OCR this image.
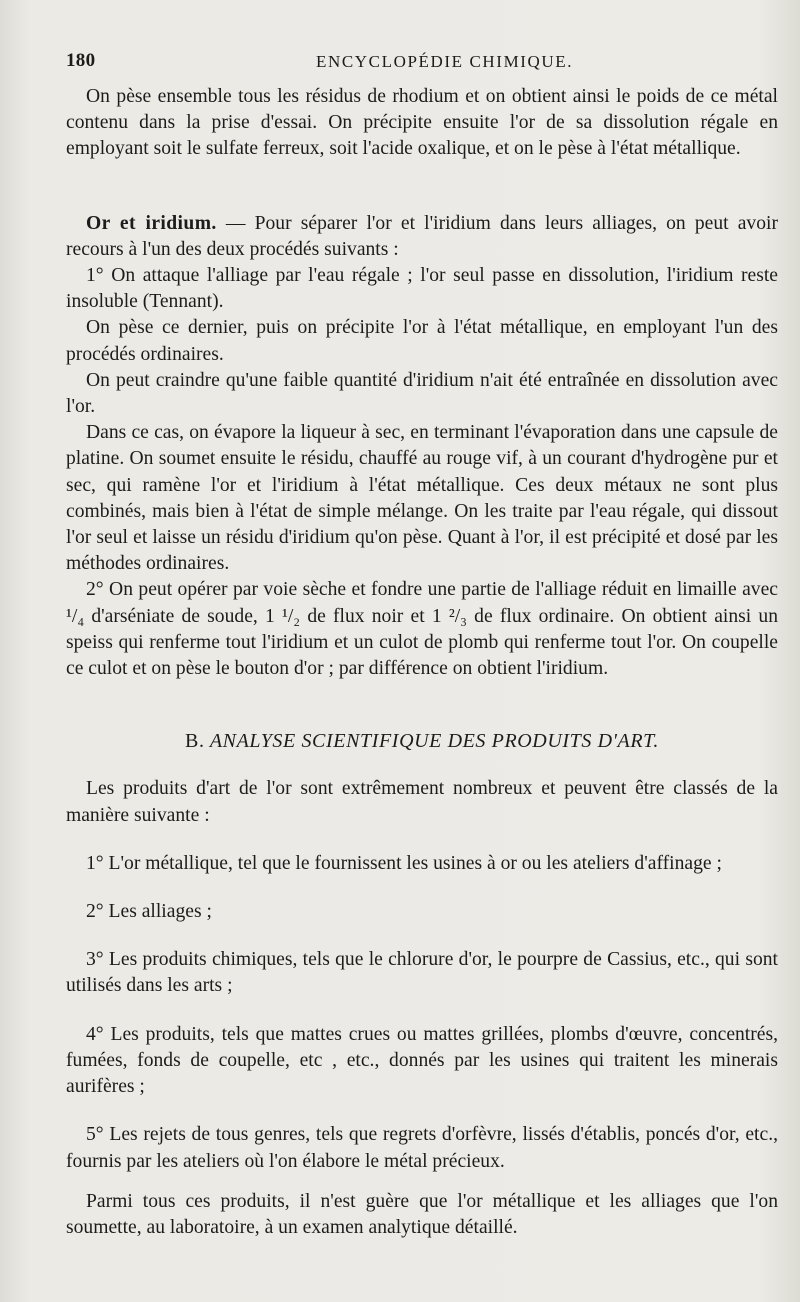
180	ENCYCLOPÉDIE CHIMIQUE.

On pèse ensemble tous les résidus de rhodium et on obtient ainsi le poids de ce métal contenu dans la prise d'essai. On précipite ensuite l'or de sa dissolution régale en employant soit le sulfate ferreux, soit l'acide oxalique, et on le pèse à l'état métallique.

Or et iridium. — Pour séparer l'or et l'iridium dans leurs alliages, on peut avoir recours à l'un des deux procédés suivants :

1° On attaque l'alliage par l'eau régale ; l'or seul passe en dissolution, l'iridium reste insoluble (Tennant).

On pèse ce dernier, puis on précipite l'or à l'état métallique, en employant l'un des procédés ordinaires.

On peut craindre qu'une faible quantité d'iridium n'ait été entraînée en dissolution avec l'or.

Dans ce cas, on évapore la liqueur à sec, en terminant l'évaporation dans une capsule de platine. On soumet ensuite le résidu, chauffé au rouge vif, à un courant d'hydrogène pur et sec, qui ramène l'or et l'iridium à l'état métallique. Ces deux métaux ne sont plus combinés, mais bien à l'état de simple mélange. On les traite par l'eau régale, qui dissout l'or seul et laisse un résidu d'iridium qu'on pèse. Quant à l'or, il est précipité et dosé par les méthodes ordinaires.

2° On peut opérer par voie sèche et fondre une partie de l'alliage réduit en limaille avec ¹/₄ d'arséniate de soude, 1 ¹/₂ de flux noir et 1 ²/₃ de flux ordinaire. On obtient ainsi un speiss qui renferme tout l'iridium et un culot de plomb qui renferme tout l'or. On coupelle ce culot et on pèse le bouton d'or ; par différence on obtient l'iridium.

B. ANALYSE SCIENTIFIQUE DES PRODUITS D'ART.

Les produits d'art de l'or sont extrêmement nombreux et peuvent être classés de la manière suivante :

1° L'or métallique, tel que le fournissent les usines à or ou les ateliers d'affinage ;

2° Les alliages ;

3° Les produits chimiques, tels que le chlorure d'or, le pourpre de Cassius, etc., qui sont utilisés dans les arts ;

4° Les produits, tels que mattes crues ou mattes grillées, plombs d'œuvre, concentrés, fumées, fonds de coupelle, etc , etc., donnés par les usines qui traitent les minerais aurifères ;

5° Les rejets de tous genres, tels que regrets d'orfèvre, lissés d'établis, poncés d'or, etc., fournis par les ateliers où l'on élabore le métal précieux.

Parmi tous ces produits, il n'est guère que l'or métallique et les alliages que l'on soumette, au laboratoire, à un examen analytique détaillé.
